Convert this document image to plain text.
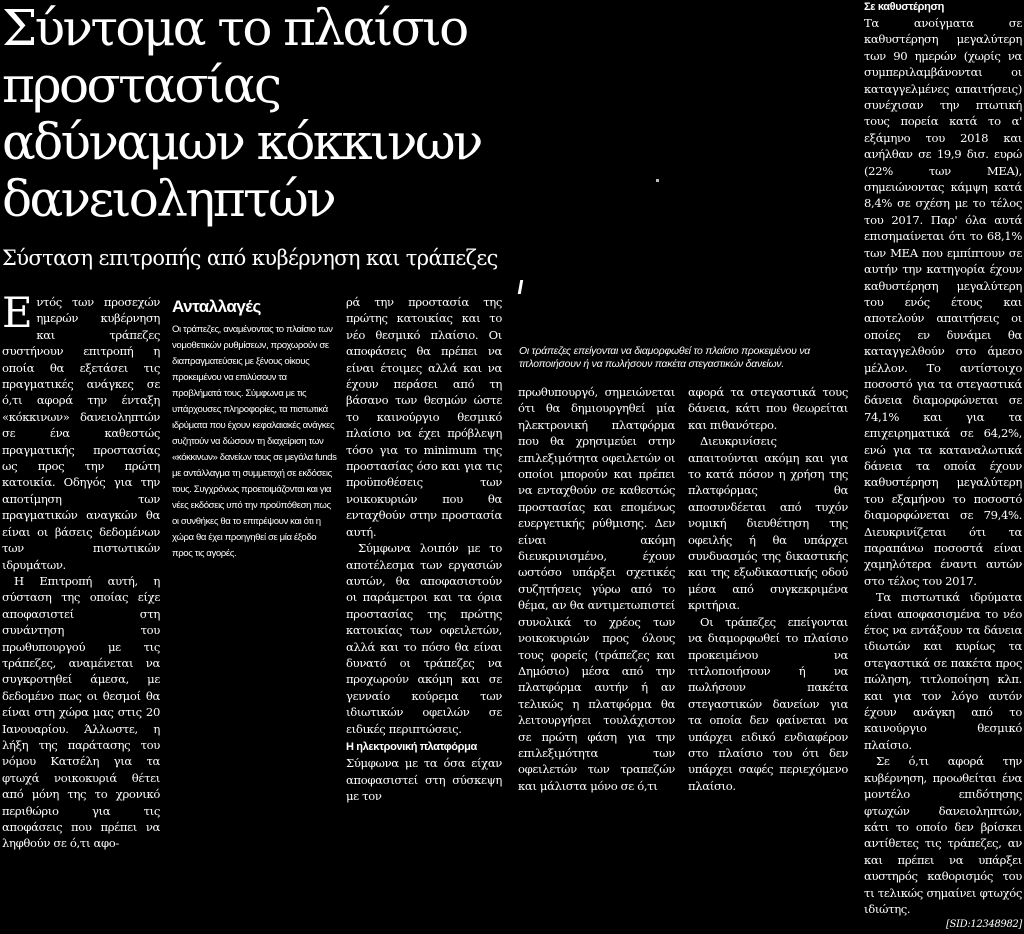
Σύντομα το πλαίσιο
προστασίας
αδύναμων κόκκινων
δανειοληπτών
Σύσταση επιτροπής από κυβέρνηση και τράπεζες

Εντός των προσεχών ημερών κυβέρνηση και τράπεζες συστήνουν επιτροπή η οποία θα εξετάσει τις πραγματικές ανάγκες σε ό,τι αφορά την ένταξη «κόκκινων» δανειοληπτών σε ένα καθεστώς πραγματικής προστασίας ως προς την πρώτη κατοικία. Οδηγός για την αποτίμηση των πραγματικών αναγκών θα είναι οι βάσεις δεδομένων των πιστωτικών ιδρυμάτων.

Η Επιτροπή αυτή, η σύσταση της οποίας είχε αποφασιστεί στη συνάντηση του πρωθυπουργού με τις τράπεζες, αναμένεται να συγκροτηθεί άμεσα, με δεδομένο πως οι θεσμοί θα είναι στη χώρα μας στις 20 Ιανουαρίου. Άλλωστε, η λήξη της παράτασης του νόμου Κατσέλη για τα φτωχά νοικοκυριά θέτει από μόνη της το χρονικό περιθώριο για τις αποφάσεις που πρέπει να ληφθούν σε ό,τι αφο-

Ανταλλαγές
Οι τράπεζες, αναμένοντας το πλαίσιο των νομοθετικών ρυθμίσεων, προχωρούν σε διαπραγματεύσεις με ξένους οίκους προκειμένου να επιλύσουν τα προβλήματά τους. Σύμφωνα με τις υπάρχουσες πληροφορίες, τα πιστωτικά ιδρύματα που έχουν κεφαλαιακές ανάγκες συζητούν να δώσουν τη διαχείριση των «κόκκινων» δανείων τους σε μεγάλα funds με αντάλλαγμα τη συμμετοχή σε εκδόσεις τους. Συγχρόνως προετοιμάζονται και για νέες εκδόσεις υπό την προϋπόθεση πως οι συνθήκες θα το επιτρέψουν και ότι η χώρα θα έχει προηγηθεί σε μία έξοδο προς τις αγορές.

ρά την προστασία της πρώτης κατοικίας και το νέο θεσμικό πλαίσιο. Οι αποφάσεις θα πρέπει να είναι έτοιμες αλλά και να έχουν περάσει από τη βάσανο των θεσμών ώστε το καινούργιο θεσμικό πλαίσιο να έχει πρόβλεψη τόσο για το minimum της προστασίας όσο και για τις προϋποθέσεις των νοικοκυριών που θα ενταχθούν στην προστασία αυτή.

Σύμφωνα λοιπόν με το αποτέλεσμα των εργασιών αυτών, θα αποφασιστούν οι παράμετροι και τα όρια προστασίας της πρώτης κατοικίας των οφειλετών, αλλά και το πόσο θα είναι δυνατό οι τράπεζες να προχωρούν ακόμη και σε γενναίο κούρεμα των ιδιωτικών οφειλών σε ειδικές περιπτώσεις.

Η ηλεκτρονική πλατφόρμα

Σύμφωνα με τα όσα είχαν αποφασιστεί στη σύσκεψη με τον

Οι τράπεζες επείγονται να διαμορφωθεί το πλαίσιο προκειμένου να τιτλοποιήσουν ή να πωλήσουν πακέτα στεγαστικών δανείων.

πρωθυπουργό, σημειώνεται ότι θα δημιουργηθεί μία ηλεκτρονική πλατφόρμα που θα χρησιμεύει στην επιλεξιμότητα οφειλετών οι οποίοι μπορούν και πρέπει να ενταχθούν σε καθεστώς προστασίας και επομένως ευεργετικής ρύθμισης. Δεν είναι ακόμη διευκρινισμένο, έχουν ωστόσο υπάρξει σχετικές συζητήσεις γύρω από το θέμα, αν θα αντιμετωπιστεί συνολικά το χρέος των νοικοκυριών προς όλους τους φορείς (τράπεζες και Δημόσιο) μέσα από την πλατφόρμα αυτήν ή αν τελικώς η πλατφόρμα θα λειτουργήσει τουλάχιστον σε πρώτη φάση για την επιλεξιμότητα των οφειλετών των τραπεζών και μάλιστα μόνο σε ό,τι

αφορά τα στεγαστικά τους δάνεια, κάτι που θεωρείται και πιθανότερο.

Διευκρινίσεις απαιτούνται ακόμη και για το κατά πόσον η χρήση της πλατφόρμας θα αποσυνδέεται από τυχόν νομική διευθέτηση της οφειλής ή θα υπάρχει συνδυασμός της δικαστικής και της εξωδικαστικής οδού μέσα από συγκεκριμένα κριτήρια.

Οι τράπεζες επείγονται να διαμορφωθεί το πλαίσιο προκειμένου να τιτλοποιήσουν ή να πωλήσουν πακέτα στεγαστικών δανείων για τα οποία δεν φαίνεται να υπάρχει ειδικό ενδιαφέρον στο πλαίσιο του ότι δεν υπάρχει σαφές περιεχόμενο πλαίσιο.

Σε καθυστέρηση

Τα ανοίγματα σε καθυστέρηση μεγαλύτερη των 90 ημερών (χωρίς να συμπεριλαμβάνονται οι καταγγελμένες απαιτήσεις) συνέχισαν την πτωτική τους πορεία κατά το α' εξάμηνο του 2018 και ανήλθαν σε 19,9 δισ. ευρώ (22% των ΜΕΑ), σημειώνοντας κάμψη κατά 8,4% σε σχέση με το τέλος του 2017. Παρ' όλα αυτά επισημαίνεται ότι το 68,1% των ΜΕΑ που εμπίπτουν σε αυτήν την κατηγορία έχουν καθυστέρηση μεγαλύτερη του ενός έτους και αποτελούν απαιτήσεις οι οποίες εν δυνάμει θα καταγγελθούν στο άμεσο μέλλον. Το αντίστοιχο ποσοστό για τα στεγαστικά δάνεια διαμορφώνεται σε 74,1% και για τα επιχειρηματικά σε 64,2%, ενώ για τα καταναλωτικά δάνεια τα οποία έχουν καθυστέρηση μεγαλύτερη του εξαμήνου το ποσοστό διαμορφώνεται σε 79,4%. Διευκρινίζεται ότι τα παραπάνω ποσοστά είναι χαμηλότερα έναντι αυτών στο τέλος του 2017.

Τα πιστωτικά ιδρύματα είναι αποφασισμένα το νέο έτος να εντάξουν τα δάνεια ιδιωτών και κυρίως τα στεγαστικά σε πακέτα προς πώληση, τιτλοποίηση κλπ. και για τον λόγο αυτόν έχουν ανάγκη από το καινούργιο θεσμικό πλαίσιο.

Σε ό,τι αφορά την κυβέρνηση, προωθείται ένα μοντέλο επιδότησης φτωχών δανειοληπτών, κάτι το οποίο δεν βρίσκει αντίθετες τις τράπεζες, αν και πρέπει να υπάρξει αυστηρός καθορισμός του τι τελικώς σημαίνει φτωχός ιδιώτης.

[SID:12348982]
